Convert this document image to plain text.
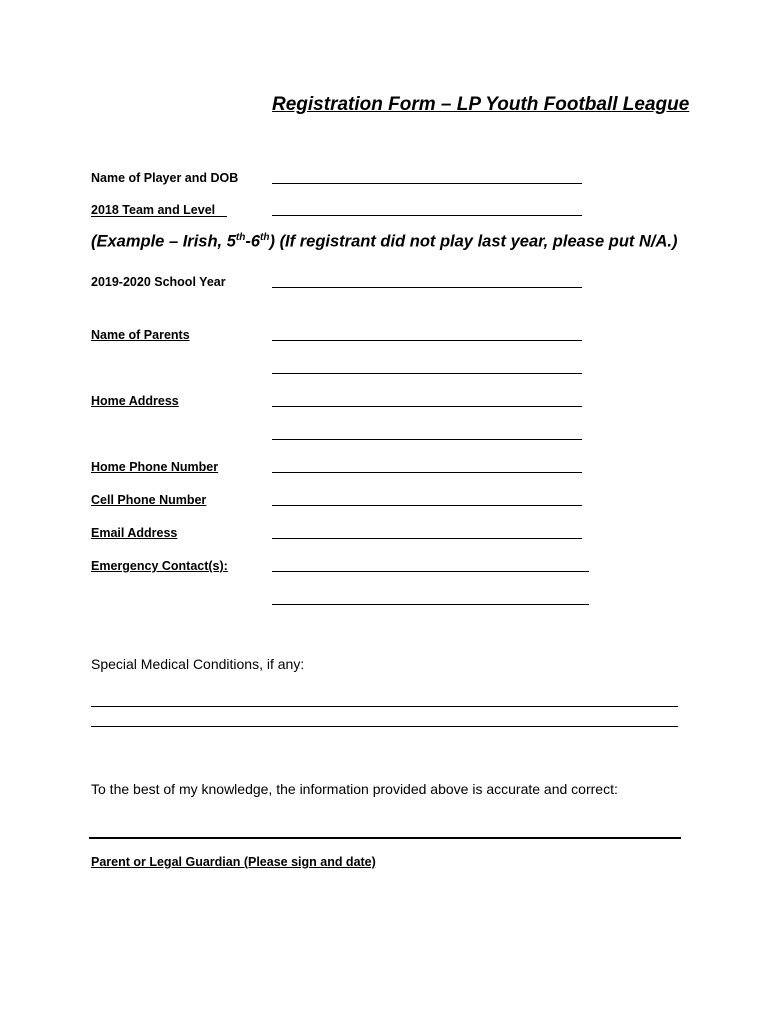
Registration Form – LP Youth Football League
Name of Player and DOB
2018 Team and Level
(Example – Irish, 5th-6th) (If registrant did not play last year, please put N/A.)
2019-2020 School Year
Name of Parents
Home Address
Home Phone Number
Cell Phone Number
Email Address
Emergency Contact(s):
Special Medical Conditions, if any:
To the best of my knowledge, the information provided above is accurate and correct:
Parent or Legal Guardian (Please sign and date)
